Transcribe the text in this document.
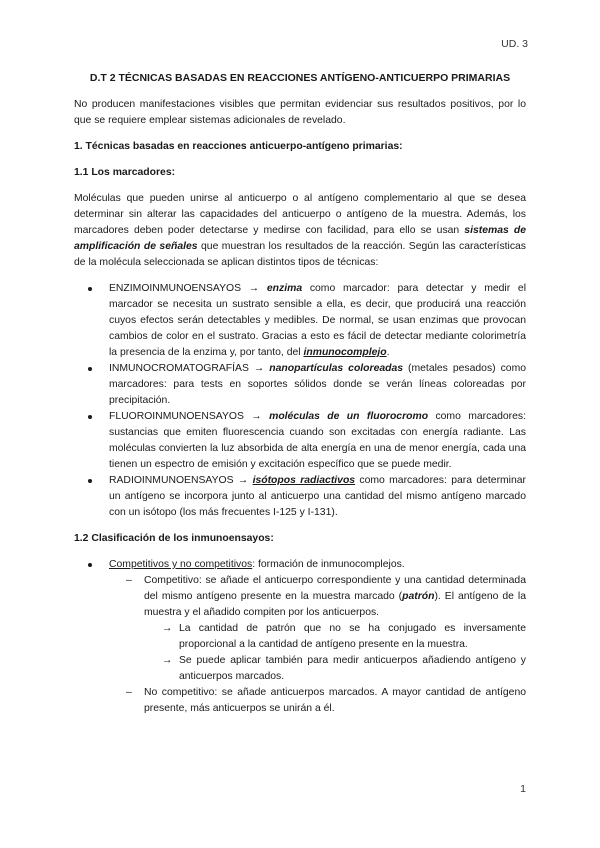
UD. 3

D.T 2 TÉCNICAS BASADAS EN REACCIONES ANTÍGENO-ANTICUERPO PRIMARIAS

No producen manifestaciones visibles que permitan evidenciar sus resultados positivos, por lo que se requiere emplear sistemas adicionales de revelado.

1. Técnicas basadas en reacciones anticuerpo-antígeno primarias:

1.1 Los marcadores:

Moléculas que pueden unirse al anticuerpo o al antígeno complementario al que se desea determinar sin alterar las capacidades del anticuerpo o antígeno de la muestra. Además, los marcadores deben poder detectarse y medirse con facilidad, para ello se usan sistemas de amplificación de señales que muestran los resultados de la reacción. Según las características de la molécula seleccionada se aplican distintos tipos de técnicas:

ENZIMOINMUNOENSAYOS → enzima como marcador: para detectar y medir el marcador se necesita un sustrato sensible a ella, es decir, que producirá una reacción cuyos efectos serán detectables y medibles. De normal, se usan enzimas que provocan cambios de color en el sustrato. Gracias a esto es fácil de detectar mediante colorimetría la presencia de la enzima y, por tanto, del inmunocomplejo.
INMUNOCROMATOGRAFÍAS → nanopartículas coloreadas (metales pesados) como marcadores: para tests en soportes sólidos donde se verán líneas coloreadas por precipitación.
FLUOROINMUNOENSAYOS → moléculas de un fluorocromo como marcadores: sustancias que emiten fluorescencia cuando son excitadas con energía radiante. Las moléculas convierten la luz absorbida de alta energía en una de menor energía, cada una tienen un espectro de emisión y excitación específico que se puede medir.
RADIOINMUNOENSAYOS → isótopos radiactivos como marcadores: para determinar un antígeno se incorpora junto al anticuerpo una cantidad del mismo antígeno marcado con un isótopo (los más frecuentes I-125 y I-131).

1.2 Clasificación de los inmunoensayos:

Competitivos y no competitivos: formación de inmunocomplejos.
– Competitivo: se añade el anticuerpo correspondiente y una cantidad determinada del mismo antígeno presente en la muestra marcado (patrón). El antígeno de la muestra y el añadido compiten por los anticuerpos.
→ La cantidad de patrón que no se ha conjugado es inversamente proporcional a la cantidad de antígeno presente en la muestra.
→ Se puede aplicar también para medir anticuerpos añadiendo antígeno y anticuerpos marcados.
– No competitivo: se añade anticuerpos marcados. A mayor cantidad de antígeno presente, más anticuerpos se unirán a él.
1
